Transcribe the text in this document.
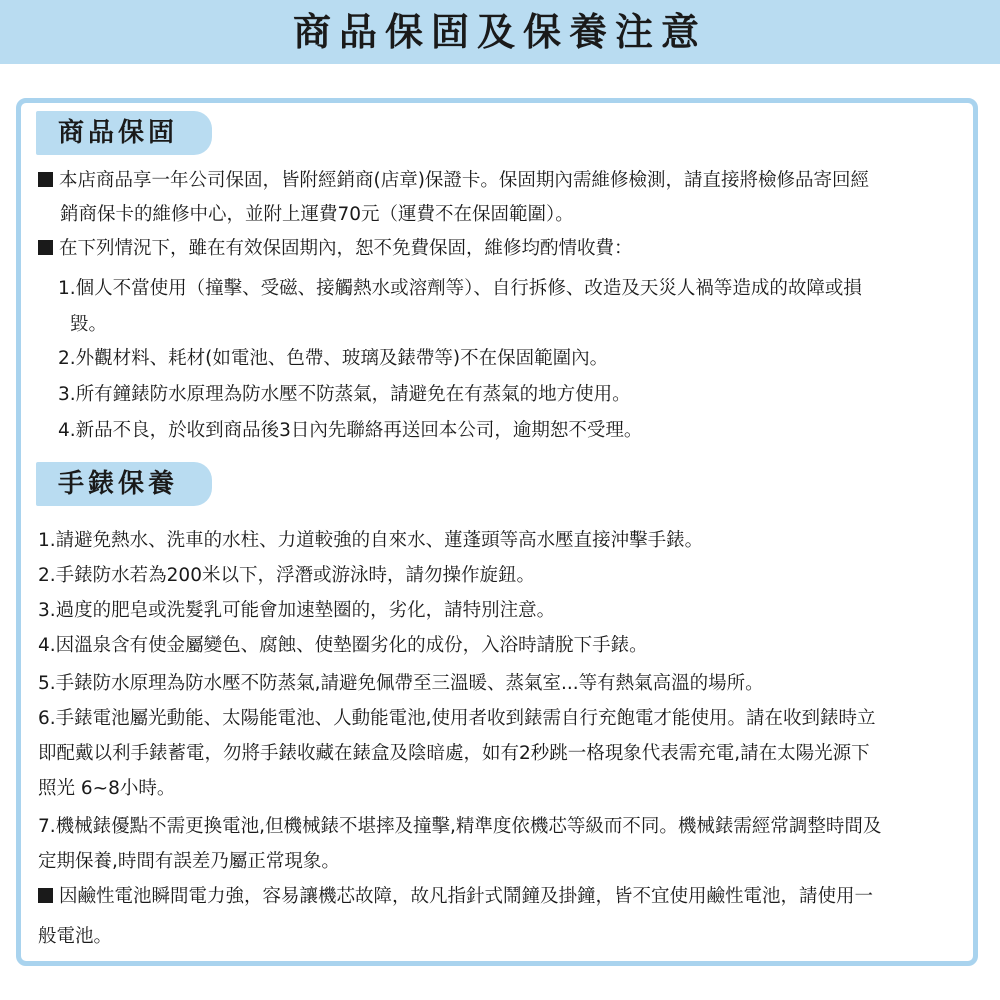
商品保固及保養注意
商品保固
本店商品享一年公司保固，皆附經銷商(店章)保證卡。保固期內需維修檢測，請直接將檢修品寄回經
銷商保卡的維修中心，並附上運費70元（運費不在保固範圍）。
在下列情況下，雖在有效保固期內，恕不免費保固，維修均酌情收費：
1.個人不當使用（撞擊、受磁、接觸熱水或溶劑等）、自行拆修、改造及天災人禍等造成的故障或損
毀。
2.外觀材料、耗材(如電池、色帶、玻璃及錶帶等)不在保固範圍內。
3.所有鐘錶防水原理為防水壓不防蒸氣，請避免在有蒸氣的地方使用。
4.新品不良，於收到商品後3日內先聯絡再送回本公司，逾期恕不受理。
手錶保養
1.請避免熱水、洗車的水柱、力道較強的自來水、蓮蓬頭等高水壓直接沖擊手錶。
2.手錶防水若為200米以下，浮潛或游泳時，請勿操作旋鈕。
3.過度的肥皂或洗髮乳可能會加速墊圈的，劣化，請特別注意。
4.因溫泉含有使金屬變色、腐蝕、使墊圈劣化的成份，入浴時請脫下手錶。
5.手錶防水原理為防水壓不防蒸氣,請避免佩帶至三溫暖、蒸氣室...等有熱氣高溫的場所。
6.手錶電池屬光動能、太陽能電池、人動能電池,使用者收到錶需自行充飽電才能使用。請在收到錶時立
即配戴以利手錶蓄電，勿將手錶收藏在錶盒及陰暗處，如有2秒跳一格現象代表需充電,請在太陽光源下
照光 6~8小時。
7.機械錶優點不需更換電池,但機械錶不堪摔及撞擊,精準度依機芯等級而不同。機械錶需經常調整時間及
定期保養,時間有誤差乃屬正常現象。
因鹼性電池瞬間電力強，容易讓機芯故障，故凡指針式鬧鐘及掛鐘，皆不宜使用鹼性電池，請使用一
般電池。
